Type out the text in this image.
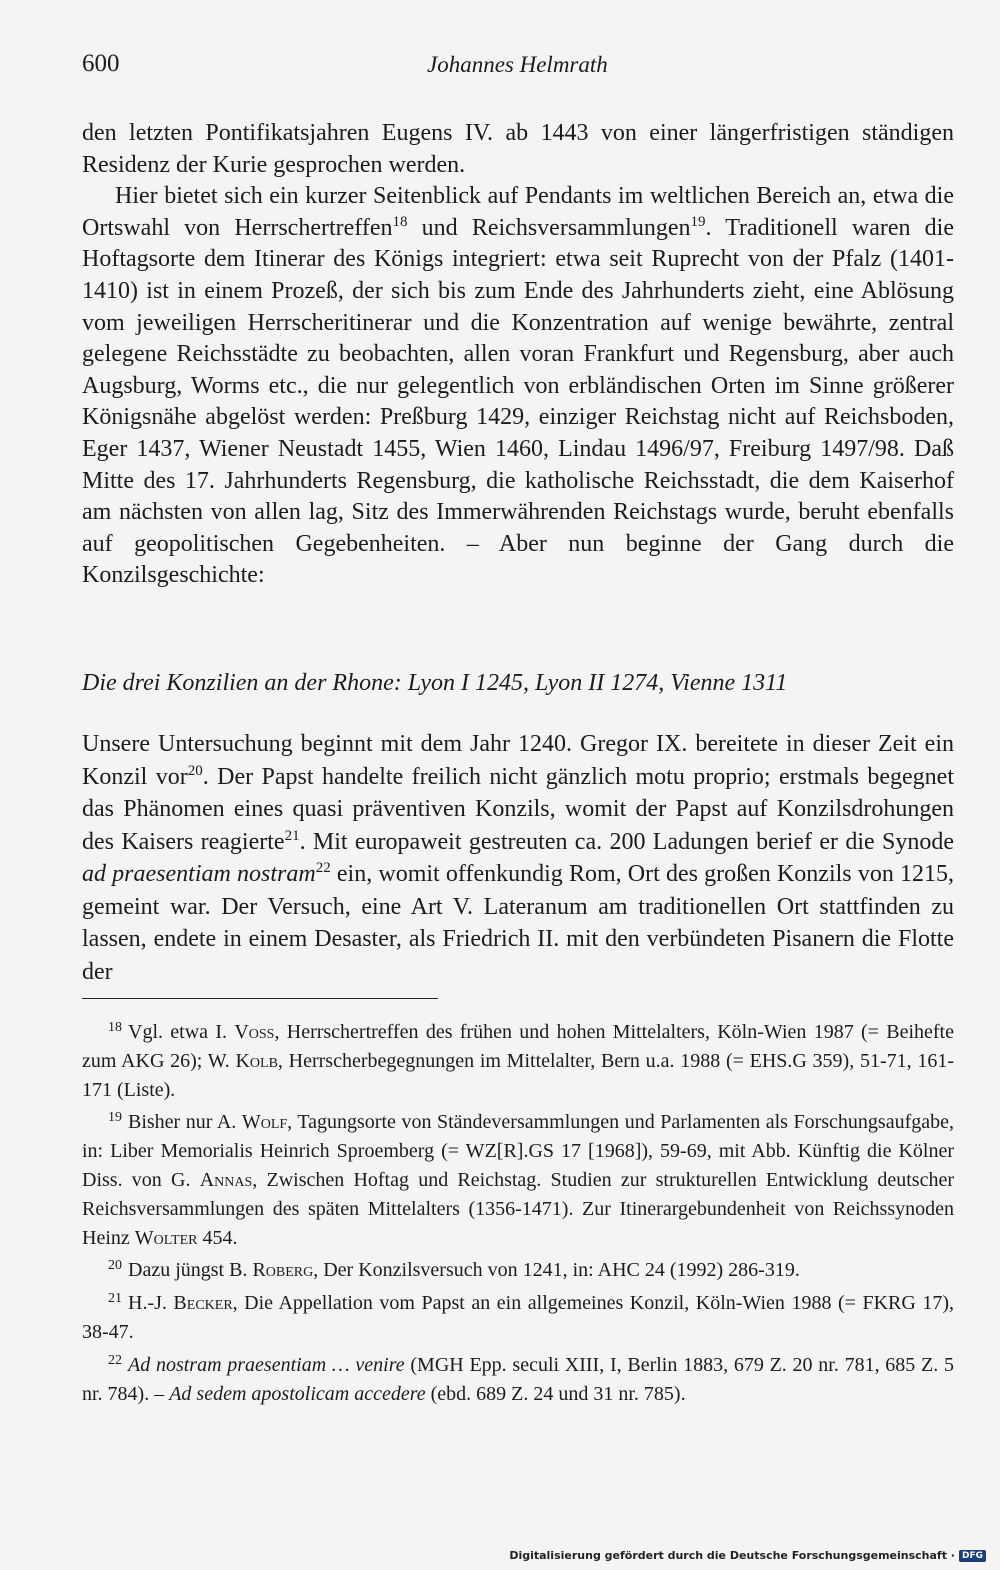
600	Johannes Helmrath

den letzten Pontifikatsjahren Eugens IV. ab 1443 von einer längerfristigen ständigen Residenz der Kurie gesprochen werden.

Hier bietet sich ein kurzer Seitenblick auf Pendants im weltlichen Bereich an, etwa die Ortswahl von Herrschertreffen$^{18}$ und Reichsversammlungen$^{19}$. Traditionell waren die Hoftagsorte dem Itinerar des Königs integriert: etwa seit Ruprecht von der Pfalz (1401-1410) ist in einem Prozeß, der sich bis zum Ende des Jahrhunderts zieht, eine Ablösung vom jeweiligen Herrscheritinerar und die Konzentration auf wenige bewährte, zentral gelegene Reichsstädte zu beobachten, allen voran Frankfurt und Regensburg, aber auch Augsburg, Worms etc., die nur gelegentlich von erbländischen Orten im Sinne größerer Königsnähe abgelöst werden: Preßburg 1429, einziger Reichstag nicht auf Reichsboden, Eger 1437, Wiener Neustadt 1455, Wien 1460, Lindau 1496/97, Freiburg 1497/98. Daß Mitte des 17. Jahrhunderts Regensburg, die katholische Reichsstadt, die dem Kaiserhof am nächsten von allen lag, Sitz des Immerwährenden Reichstags wurde, beruht ebenfalls auf geopolitischen Gegebenheiten. – Aber nun beginne der Gang durch die Konzilsgeschichte:

Die drei Konzilien an der Rhone: Lyon I 1245, Lyon II 1274, Vienne 1311

Unsere Untersuchung beginnt mit dem Jahr 1240. Gregor IX. bereitete in dieser Zeit ein Konzil vor$^{20}$. Der Papst handelte freilich nicht gänzlich motu proprio; erstmals begegnet das Phänomen eines quasi präventiven Konzils, womit der Papst auf Konzilsdrohungen des Kaisers reagierte$^{21}$. Mit europaweit gestreuten ca. 200 Ladungen berief er die Synode ad praesentiam nostram$^{22}$ ein, womit offenkundig Rom, Ort des großen Konzils von 1215, gemeint war. Der Versuch, eine Art V. Lateranum am traditionellen Ort stattfinden zu lassen, endete in einem Desaster, als Friedrich II. mit den verbündeten Pisanern die Flotte der

$^{18}$ Vgl. etwa I. Voss, Herrschertreffen des frühen und hohen Mittelalters, Köln-Wien 1987 (= Beihefte zum AKG 26); W. Kolb, Herrscherbegegnungen im Mittelalter, Bern u.a. 1988 (= EHS.G 359), 51-71, 161-171 (Liste).

$^{19}$ Bisher nur A. Wolf, Tagungsorte von Ständeversammlungen und Parlamenten als Forschungsaufgabe, in: Liber Memorialis Heinrich Sproemberg (= WZ[R].GS 17 [1968]), 59-69, mit Abb. Künftig die Kölner Diss. von G. Annas, Zwischen Hoftag und Reichstag. Studien zur strukturellen Entwicklung deutscher Reichsversammlungen des späten Mittelalters (1356-1471). Zur Itinerargebundenheit von Reichssynoden Heinz Wolter 454.

$^{20}$ Dazu jüngst B. Roberg, Der Konzilsversuch von 1241, in: AHC 24 (1992) 286-319.

$^{21}$ H.-J. Becker, Die Appellation vom Papst an ein allgemeines Konzil, Köln-Wien 1988 (= FKRG 17), 38-47.

$^{22}$ Ad nostram praesentiam … venire (MGH Epp. seculi XIII, I, Berlin 1883, 679 Z. 20 nr. 781, 685 Z. 5 nr. 784). – Ad sedem apostolicam accedere (ebd. 689 Z. 24 und 31 nr. 785).

Digitalisierung gefördert durch die Deutsche Forschungsgemeinschaft · DFG
